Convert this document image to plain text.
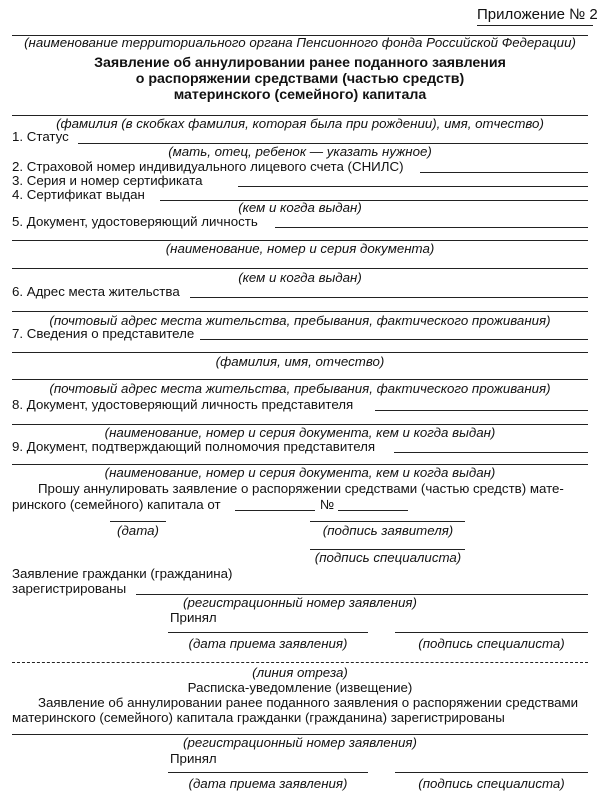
Приложение № 2
(наименование территориального органа Пенсионного фонда Российской Федерации)
Заявление об аннулировании ранее поданного заявления
о распоряжении средствами (частью средств)
материнского (семейного) капитала
(фамилия (в скобках фамилия, которая была при рождении), имя, отчество)
1. Статус
(мать, отец, ребенок — указать нужное)
2. Страховой номер индивидуального лицевого счета (СНИЛС)
3. Серия и номер сертификата
4. Сертификат выдан
(кем и когда выдан)
5. Документ, удостоверяющий личность
(наименование, номер и серия документа)
(кем и когда выдан)
6. Адрес места жительства
(почтовый адрес места жительства, пребывания, фактического проживания)
7. Сведения о представителе
(фамилия, имя, отчество)
(почтовый адрес места жительства, пребывания, фактического проживания)
8. Документ, удостоверяющий личность представителя
(наименование, номер и серия документа, кем и когда выдан)
9. Документ, подтверждающий полномочия представителя
(наименование, номер и серия документа, кем и когда выдан)
Прошу аннулировать заявление о распоряжении средствами (частью средств) мате-
ринского (семейного) капитала от	№
(дата)	(подпись заявителя)
(подпись специалиста)
Заявление гражданки (гражданина)
зарегистрированы
(регистрационный номер заявления)
Принял
(дата приема заявления)	(подпись специалиста)
(линия отреза)
Расписка-уведомление (извещение)
Заявление об аннулировании ранее поданного заявления о распоряжении средствами
материнского (семейного) капитала гражданки (гражданина) зарегистрированы
(регистрационный номер заявления)
Принял
(дата приема заявления)	(подпись специалиста)
